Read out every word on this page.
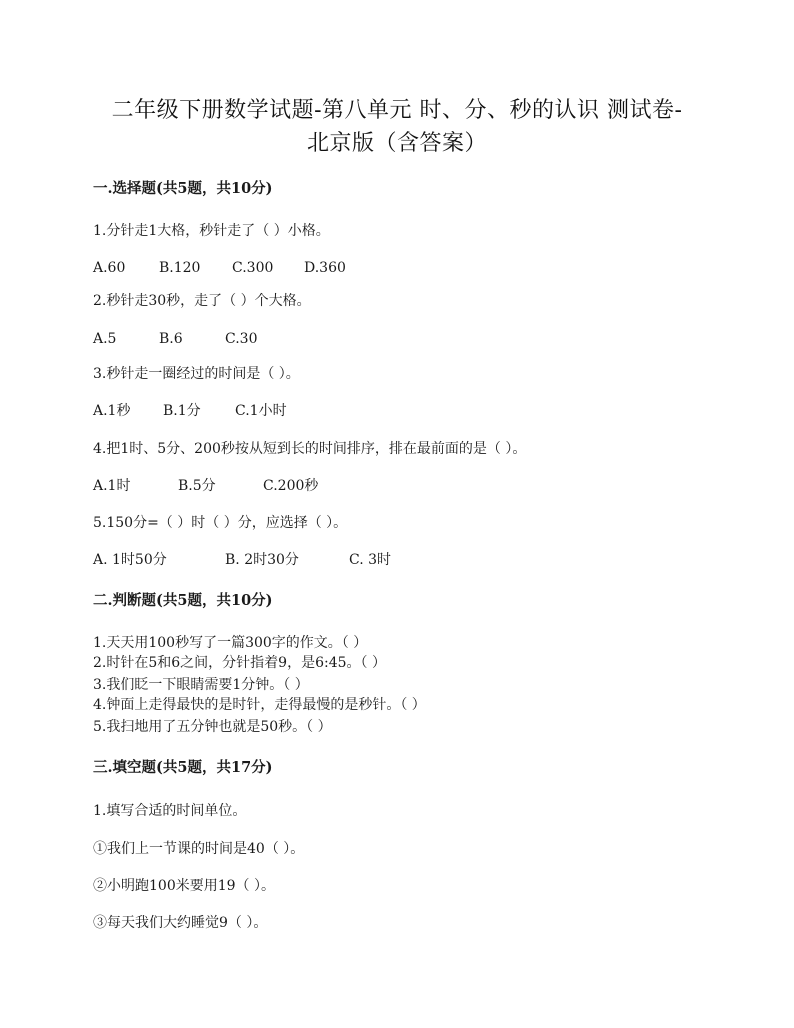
二年级下册数学试题-第八单元 时、分、秒的认识 测试卷-
北京版（含答案）
一.选择题(共5题，共10分)
1.分针走1大格，秒针走了（ ）小格。
A.60 B.120 C.300 D.360
2.秒针走30秒，走了（ ）个大格。
A.5	B.6	C.30
3.秒针走一圈经过的时间是（ ）。
A.1秒 B.1分 C.1小时
4.把1时、5分、200秒按从短到长的时间排序，排在最前面的是（ ）。
A.1时	B.5分	C.200秒
5.150分=（ ）时（ ）分，应选择（ ）。
A. 1时50分	B. 2时30分	C. 3时
二.判断题(共5题，共10分)
1.天天用100秒写了一篇300字的作文。（ ）
2.时针在5和6之间，分针指着9，是6:45。（ ）
3.我们眨一下眼睛需要1分钟。（ ）
4.钟面上走得最快的是时针，走得最慢的是秒针。（ ）
5.我扫地用了五分钟也就是50秒。（ ）
三.填空题(共5题，共17分)
1.填写合适的时间单位。
①我们上一节课的时间是40（ ）。
②小明跑100米要用19（ ）。
③每天我们大约睡觉9（ ）。
